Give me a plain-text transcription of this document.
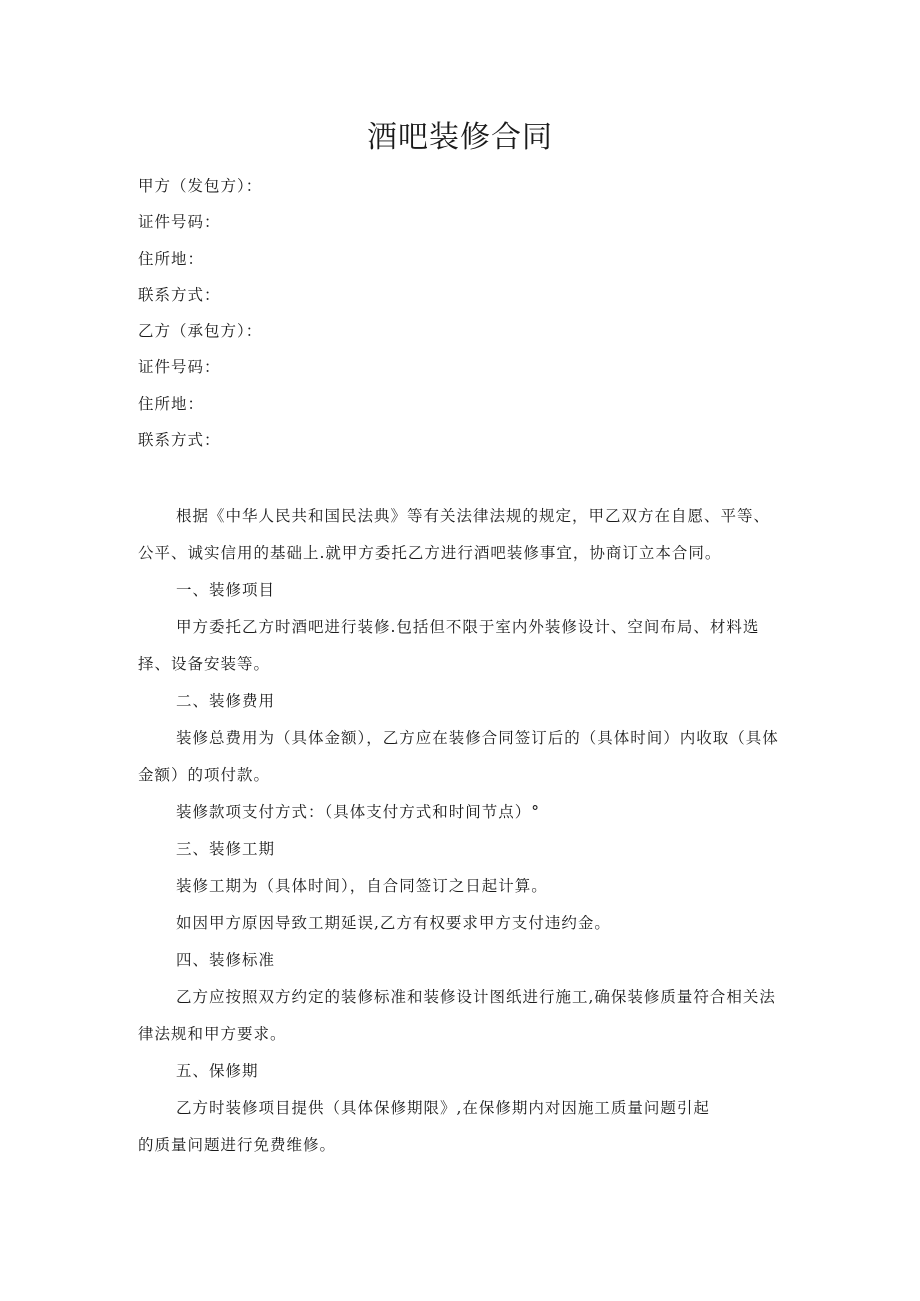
酒吧装修合同
甲方（发包方）：
证件号码：
住所地：
联系方式：
乙方（承包方）：
证件号码：
住所地：
联系方式：

根据《中华人民共和国民法典》等有关法律法规的规定，甲乙双方在自愿、平等、公平、诚实信用的基础上.就甲方委托乙方进行酒吧装修事宜，协商订立本合同。

一、装修项目

甲方委托乙方时酒吧进行装修.包括但不限于室内外装修设计、空间布局、材料选择、设备安装等。

二、装修费用

装修总费用为（具体金额），乙方应在装修合同签订后的（具体时间）内收取（具体金额）的项付款。

装修款项支付方式：（具体支付方式和时间节点）°

三、装修工期

装修工期为（具体时间），自合同签订之日起计算。

如因甲方原因导致工期延误,乙方有权要求甲方支付违约金。

四、装修标准

乙方应按照双方约定的装修标准和装修设计图纸进行施工,确保装修质量符合相关法律法规和甲方要求。

五、保修期

乙方时装修项目提供（具体保修期限》,在保修期内对因施工质量问题引起

的质量问题进行免费维修。
